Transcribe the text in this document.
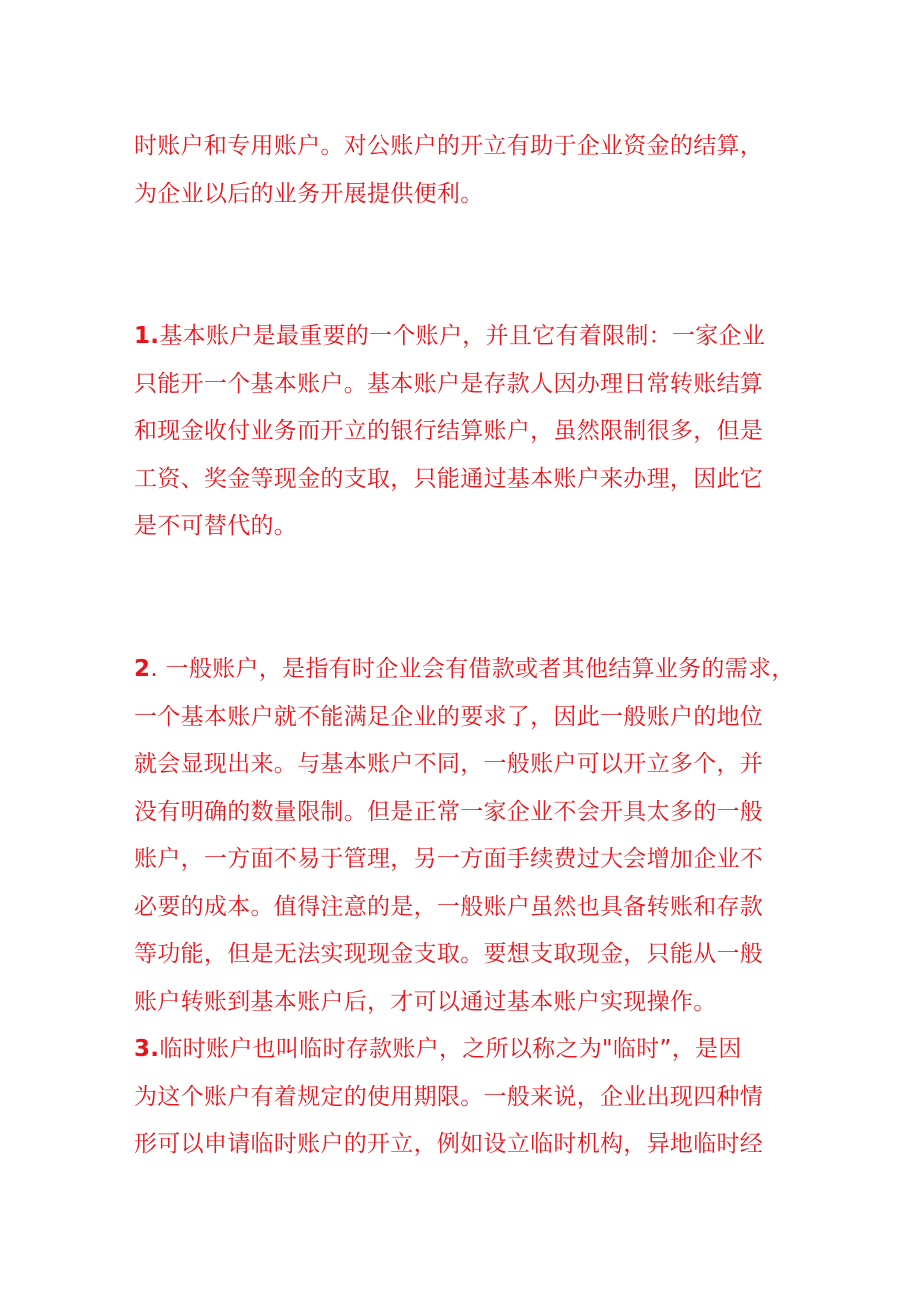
时账户和专用账户。对公账户的开立有助于企业资金的结算，
为企业以后的业务开展提供便利。
1.基本账户是最重要的一个账户，并且它有着限制：一家企业
只能开一个基本账户。基本账户是存款人因办理日常转账结算
和现金收付业务而开立的银行结算账户，虽然限制很多，但是
工资、奖金等现金的支取，只能通过基本账户来办理，因此它
是不可替代的。
2. 一般账户，是指有时企业会有借款或者其他结算业务的需求，
一个基本账户就不能满足企业的要求了，因此一般账户的地位
就会显现出来。与基本账户不同，一般账户可以开立多个，并
没有明确的数量限制。但是正常一家企业不会开具太多的一般
账户，一方面不易于管理，另一方面手续费过大会增加企业不
必要的成本。值得注意的是，一般账户虽然也具备转账和存款
等功能，但是无法实现现金支取。要想支取现金，只能从一般
账户转账到基本账户后，才可以通过基本账户实现操作。
3.临时账户也叫临时存款账户，之所以称之为"临时”，是因
为这个账户有着规定的使用期限。一般来说，企业出现四种情
形可以申请临时账户的开立，例如设立临时机构，异地临时经
